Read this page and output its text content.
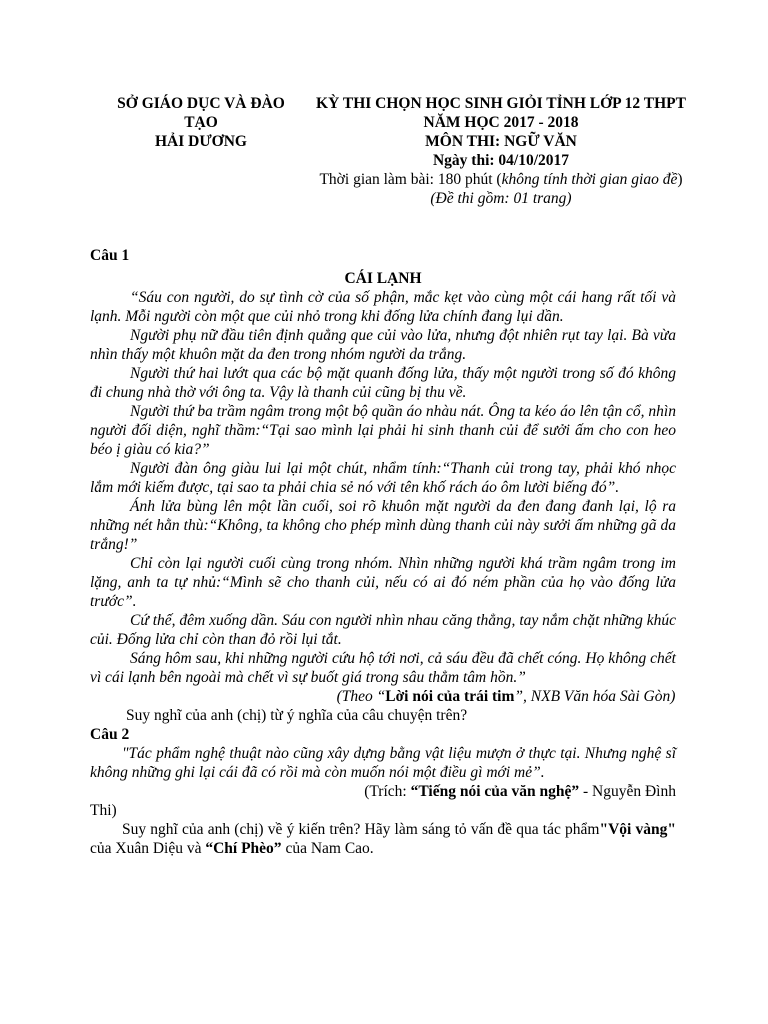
SỞ GIÁO DỤC VÀ ĐÀO
TẠO
HẢI DƯƠNG
KỲ THI CHỌN HỌC SINH GIỎI TỈNH LỚP 12 THPT
NĂM HỌC 2017 - 2018
MÔN THI: NGỮ VĂN
Ngày thi: 04/10/2017
Thời gian làm bài: 180 phút (không tính thời gian giao đề)
(Đề thi gồm: 01 trang)

Câu 1

CÁI LẠNH

“Sáu con người, do sự tình cờ của số phận, mắc kẹt vào cùng một cái hang rất tối và lạnh. Mỗi người còn một que củi nhỏ trong khi đống lửa chính đang lụi dần.

Người phụ nữ đầu tiên định quẳng que củi vào lửa, nhưng đột nhiên rụt tay lại. Bà vừa nhìn thấy một khuôn mặt da đen trong nhóm người da trắng.

Người thứ hai lướt qua các bộ mặt quanh đống lửa, thấy một người trong số đó không đi chung nhà thờ với ông ta. Vậy là thanh củi cũng bị thu về.

Người thứ ba trầm ngâm trong một bộ quần áo nhàu nát. Ông ta kéo áo lên tận cổ, nhìn người đối diện, nghĩ thầm:“Tại sao mình lại phải hi sinh thanh củi để sưởi ấm cho con heo béo ị giàu có kia?”

Người đàn ông giàu lui lại một chút, nhẩm tính:“Thanh củi trong tay, phải khó nhọc lắm mới kiếm được, tại sao ta phải chia sẻ nó với tên khố rách áo ôm lười biếng đó”.

Ánh lửa bùng lên một lần cuối, soi rõ khuôn mặt người da đen đang đanh lại, lộ ra những nét hằn thù:“Không, ta không cho phép mình dùng thanh củi này sưởi ấm những gã da trắng!”

Chỉ còn lại người cuối cùng trong nhóm. Nhìn những người khá trầm ngâm trong im lặng, anh ta tự nhủ:“Mình sẽ cho thanh củi, nếu có ai đó ném phần của họ vào đống lửa trước”.

Cứ thế, đêm xuống dần. Sáu con người nhìn nhau căng thẳng, tay nắm chặt những khúc củi. Đống lửa chỉ còn than đỏ rồi lụi tắt.

Sáng hôm sau, khi những người cứu hộ tới nơi, cả sáu đều đã chết cóng. Họ không chết vì cái lạnh bên ngoài mà chết vì sự buốt giá trong sâu thẳm tâm hồn.”

(Theo “Lời nói của trái tim”, NXB Văn hóa Sài Gòn)

Suy nghĩ của anh (chị) từ ý nghĩa của câu chuyện trên?

Câu 2

"Tác phẩm nghệ thuật nào cũng xây dựng bằng vật liệu mượn ở thực tại. Nhưng nghệ sĩ không những ghi lại cái đã có rồi mà còn muốn nói một điều gì mới mẻ”.

(Trích: “Tiếng nói của văn nghệ” - Nguyễn Đình

Thi)

Suy nghĩ của anh (chị) về ý kiến trên? Hãy làm sáng tỏ vấn đề qua tác phẩm"Vội vàng" của Xuân Diệu và “Chí Phèo” của Nam Cao.
